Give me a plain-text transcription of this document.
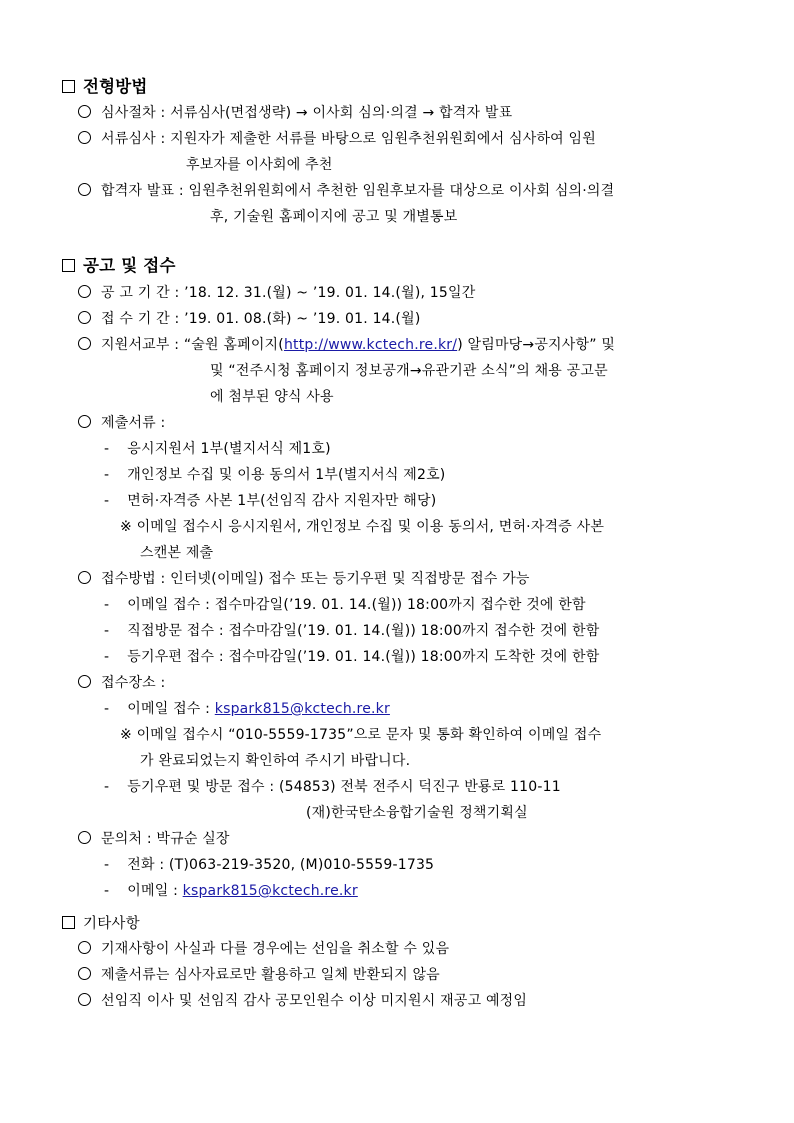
전형방법
심사절차 : 서류심사(면접생략) → 이사회 심의·의결 → 합격자 발표
서류심사 : 지원자가 제출한 서류를 바탕으로 임원추천위원회에서 심사하여 임원
후보자를 이사회에 추천
합격자 발표 : 임원추천위원회에서 추천한 임원후보자를 대상으로 이사회 심의·의결
후, 기술원 홈페이지에 공고 및 개별통보
공고 및 접수
공 고 기 간 : ’18. 12. 31.(월) ~ ’19. 01. 14.(월), 15일간
접 수 기 간 : ’19. 01. 08.(화) ~ ’19. 01. 14.(월)
지원서교부 : “술원 홈페이지(http://www.kctech.re.kr/) 알림마당→공지사항” 및
및 “전주시청 홈페이지 정보공개→유관기관 소식”의 채용 공고문
에 첨부된 양식 사용
제출서류 :
- 응시지원서 1부(별지서식 제1호)
- 개인정보 수집 및 이용 동의서 1부(별지서식 제2호)
- 면허·자격증 사본 1부(선임직 감사 지원자만 해당)
※ 이메일 접수시 응시지원서, 개인정보 수집 및 이용 동의서, 면허·자격증 사본
스캔본 제출
접수방법 : 인터넷(이메일) 접수 또는 등기우편 및 직접방문 접수 가능
- 이메일 접수 : 접수마감일(’19. 01. 14.(월)) 18:00까지 접수한 것에 한함
- 직접방문 접수 : 접수마감일(’19. 01. 14.(월)) 18:00까지 접수한 것에 한함
- 등기우편 접수 : 접수마감일(’19. 01. 14.(월)) 18:00까지 도착한 것에 한함
접수장소 :
- 이메일 접수 : kspark815@kctech.re.kr
※ 이메일 접수시 “010-5559-1735”으로 문자 및 통화 확인하여 이메일 접수
가 완료되었는지 확인하여 주시기 바랍니다.
- 등기우편 및 방문 접수 : (54853) 전북 전주시 덕진구 반룡로 110-11
(재)한국탄소융합기술원 정책기획실
문의처 : 박규순 실장
- 전화 : (T)063-219-3520, (M)010-5559-1735
- 이메일 : kspark815@kctech.re.kr
기타사항
기재사항이 사실과 다를 경우에는 선임을 취소할 수 있음
제출서류는 심사자료로만 활용하고 일체 반환되지 않음
선임직 이사 및 선임직 감사 공모인원수 이상 미지원시 재공고 예정임
